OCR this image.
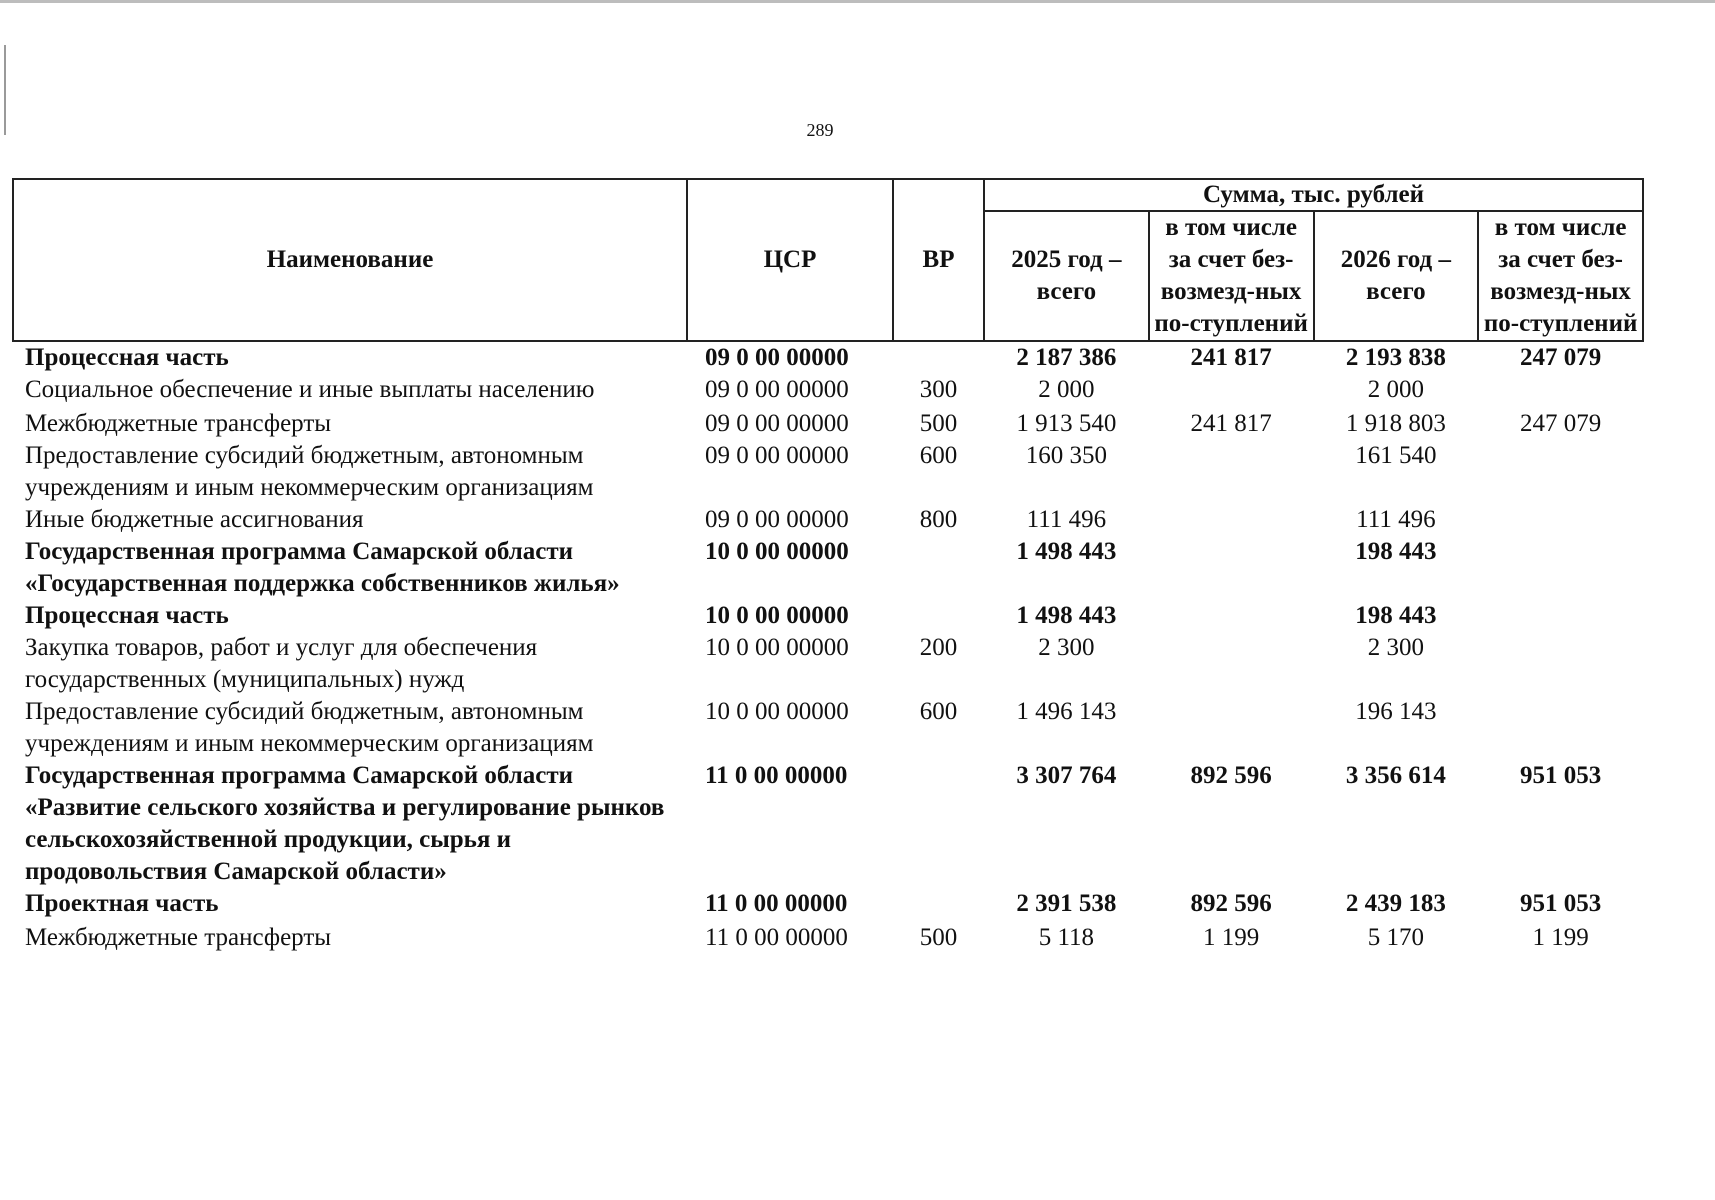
289
Наименование	ЦСР	ВР	Сумма, тыс. рублей			
			2025 год – всего	в том числе за счет без-возмезд-ных по-ступлений	2026 год – всего	в том числе за счет без-возмезд-ных по-ступлений
Процессная часть	09 0 00 00000		2 187 386	241 817	2 193 838	247 079
Социальное обеспечение и иные выплаты населению	09 0 00 00000	300	2 000		2 000	
Межбюджетные трансферты	09 0 00 00000	500	1 913 540	241 817	1 918 803	247 079
Предоставление субсидий бюджетным, автономным учреждениям и иным некоммерческим организациям	09 0 00 00000	600	160 350		161 540	
Иные бюджетные ассигнования	09 0 00 00000	800	111 496		111 496	
Государственная программа Самарской области «Государственная поддержка собственников жилья»	10 0 00 00000		1 498 443		198 443	
Процессная часть	10 0 00 00000		1 498 443		198 443	
Закупка товаров, работ и услуг для обеспечения государственных (муниципальных) нужд	10 0 00 00000	200	2 300		2 300	
Предоставление субсидий бюджетным, автономным учреждениям и иным некоммерческим организациям	10 0 00 00000	600	1 496 143		196 143	
Государственная программа Самарской области «Развитие сельского хозяйства и регулирование рынков сельскохозяйственной продукции, сырья и продовольствия Самарской области»	11 0 00 00000		3 307 764	892 596	3 356 614	951 053
Проектная часть	11 0 00 00000		2 391 538	892 596	2 439 183	951 053
Межбюджетные трансферты	11 0 00 00000	500	5 118	1 199	5 170	1 199
